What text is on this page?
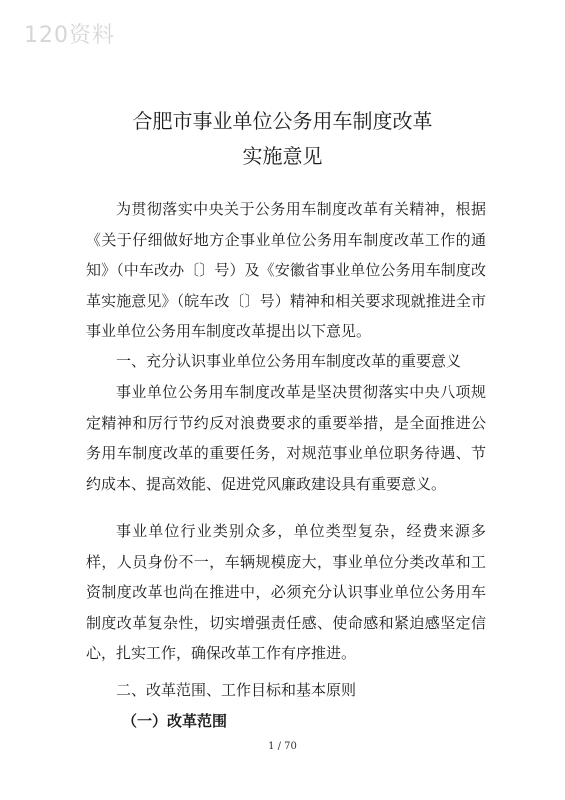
120资料
合肥市事业单位公务用车制度改革
实施意见

为贯彻落实中央关于公务用车制度改革有关精神，根据《关于仔细做好地方企事业单位公务用车制度改革工作的通知》（中车改办〔〕号）及《安徽省事业单位公务用车制度改革实施意见》（皖车改〔〕号）精神和相关要求现就推进全市事业单位公务用车制度改革提出以下意见。

一、充分认识事业单位公务用车制度改革的重要意义

事业单位公务用车制度改革是坚决贯彻落实中央八项规定精神和厉行节约反对浪费要求的重要举措，是全面推进公务用车制度改革的重要任务，对规范事业单位职务待遇、节约成本、提高效能、促进党风廉政建设具有重要意义。

事业单位行业类别众多，单位类型复杂，经费来源多样，人员身份不一，车辆规模庞大，事业单位分类改革和工资制度改革也尚在推进中，必须充分认识事业单位公务用车制度改革复杂性，切实增强责任感、使命感和紧迫感坚定信心，扎实工作，确保改革工作有序推进。

二、改革范围、工作目标和基本原则

（一）改革范围

1 / 70
